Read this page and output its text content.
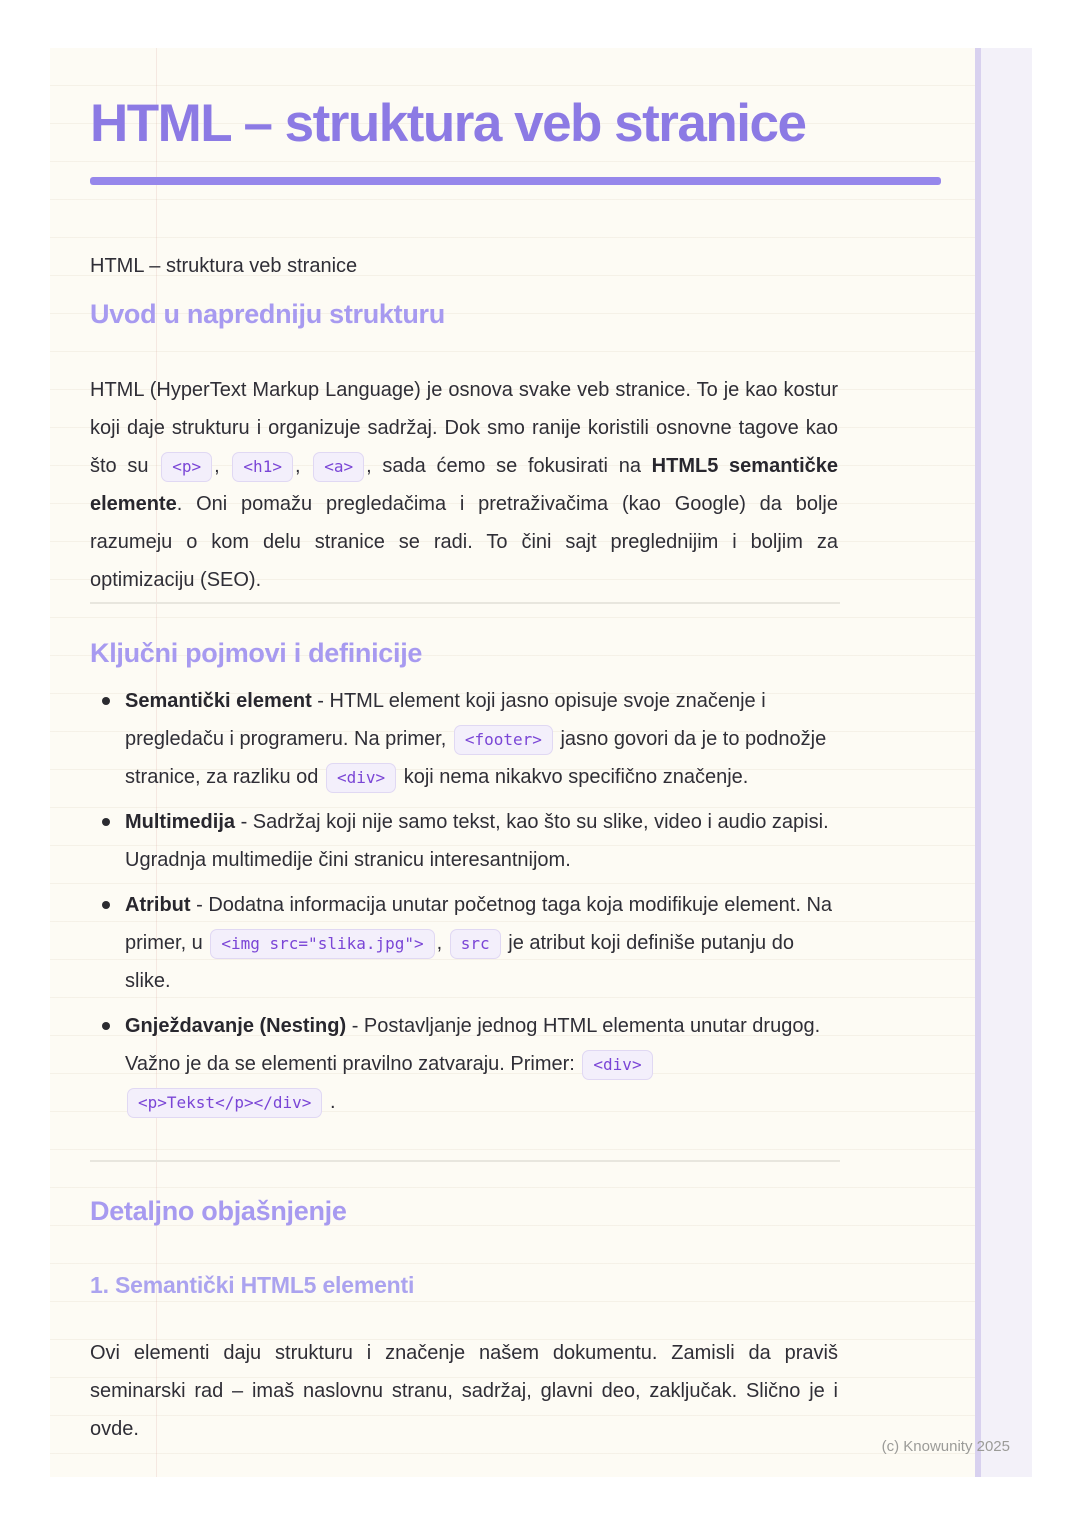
HTML – struktura veb stranice

HTML – struktura veb stranice

Uvod u napredniju strukturu

HTML (HyperText Markup Language) je osnova svake veb stranice. To je kao kostur koji daje strukturu i organizuje sadržaj. Dok smo ranije koristili osnovne tagove kao što su <p> , <h1> , <a> , sada ćemo se fokusirati na HTML5 semantičke elemente. Oni pomažu pregledačima i pretraživačima (kao Google) da bolje razumeju o kom delu stranice se radi. To čini sajt preglednijim i boljim za optimizaciju (SEO).

Ključni pojmovi i definicije
Semantički element - HTML element koji jasno opisuje svoje značenje i pregledaču i programeru. Na primer, <footer> jasno govori da je to podnožje stranice, za razliku od <div> koji nema nikakvo specifično značenje.
Multimedija - Sadržaj koji nije samo tekst, kao što su slike, video i audio zapisi. Ugradnja multimedije čini stranicu interesantnijom.
Atribut - Dodatna informacija unutar početnog taga koja modifikuje element. Na primer, u <img src="slika.jpg"> , src je atribut koji definiše putanju do slike.
Gnježdavanje (Nesting) - Postavljanje jednog HTML elementa unutar drugog. Važno je da se elementi pravilno zatvaraju. Primer: <div> <p>Tekst</p></div> .
Detaljno objašnjenje
1. Semantički HTML5 elementi

Ovi elementi daju strukturu i značenje našem dokumentu. Zamisli da praviš seminarski rad – imaš naslovnu stranu, sadržaj, glavni deo, zaključak. Slično je i ovde.

(c) Knowunity 2025
